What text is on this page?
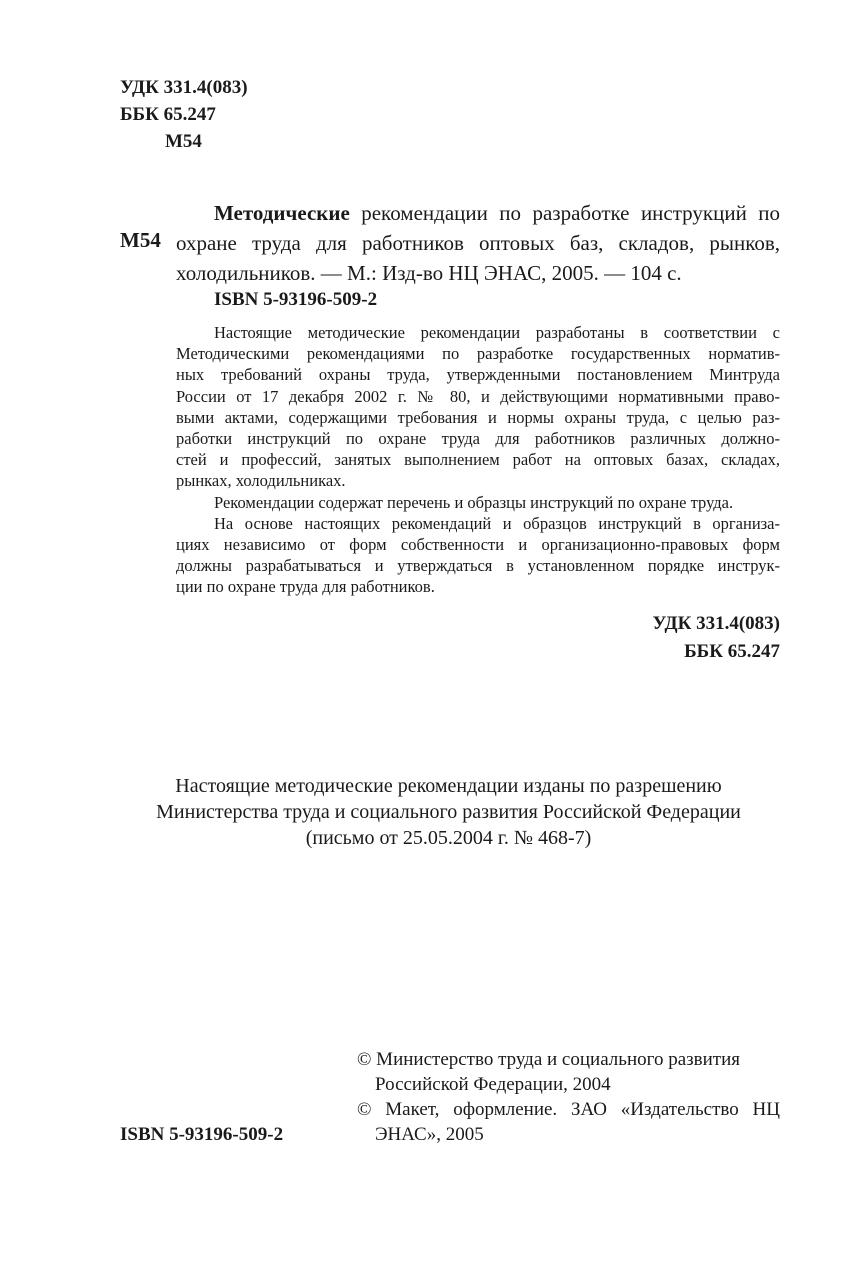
УДК 331.4(083)
ББК 65.247
М54
М54
Методические рекомендации по разработке инструкций по
охране труда для работников оптовых баз, складов, рынков,
холодильников. — М.: Изд-во НЦ ЭНАС, 2005. — 104 с.
ISBN 5-93196-509-2
Настоящие методические рекомендации разработаны в соответствии с
Методическими рекомендациями по разработке государственных норматив-
ных требований охраны труда, утвержденными постановлением Минтруда
России от 17 декабря 2002 г. № 80, и действующими нормативными право-
выми актами, содержащими требования и нормы охраны труда, с целью раз-
работки инструкций по охране труда для работников различных должно-
стей и профессий, занятых выполнением работ на оптовых базах, складах,
рынках, холодильниках.
Рекомендации содержат перечень и образцы инструкций по охране труда.
На основе настоящих рекомендаций и образцов инструкций в организа-
циях независимо от форм собственности и организационно-правовых форм
должны разрабатываться и утверждаться в установленном порядке инструк-
ции по охране труда для работников.
УДК 331.4(083)
ББК 65.247
Настоящие методические рекомендации изданы по разрешению
Министерства труда и социального развития Российской Федерации
(письмо от 25.05.2004 г. № 468-7)
© Министерство труда и социального развития
Российской Федерации, 2004
© Макет, оформление. ЗАО «Издательство НЦ
ЭНАС», 2005
ISBN 5-93196-509-2
